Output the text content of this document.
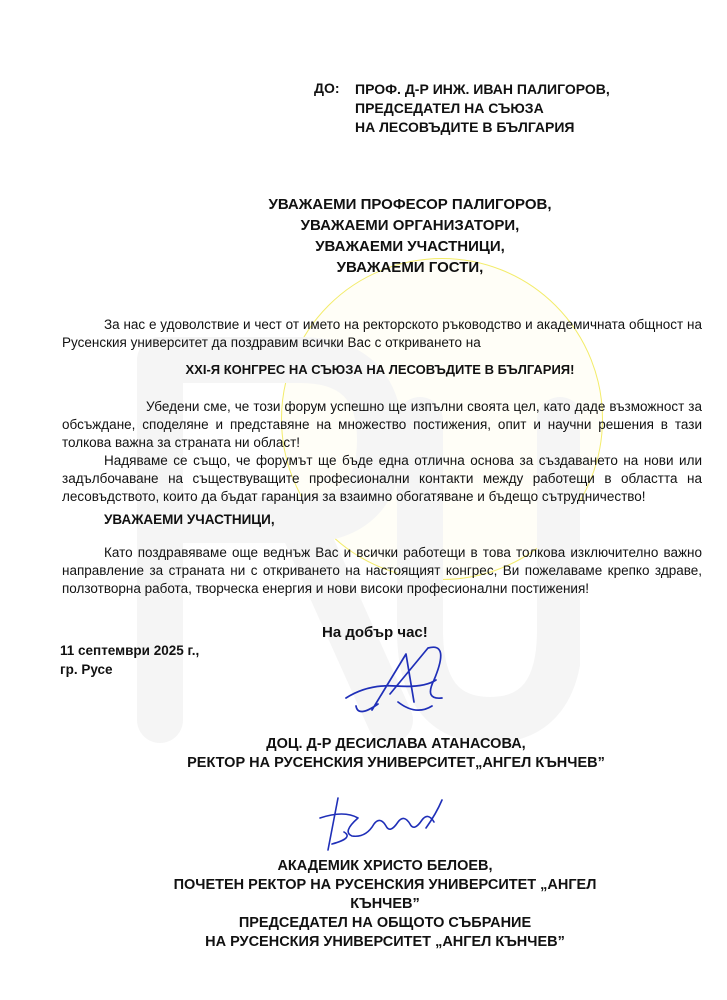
ДО: ПРОФ. Д-Р ИНЖ. ИВАН ПАЛИГОРОВ,
ПРЕДСЕДАТЕЛ НА СЪЮЗА
НА ЛЕСОВЪДИТЕ В БЪЛГАРИЯ
УВАЖАЕМИ ПРОФЕСОР ПАЛИГОРОВ,
УВАЖАЕМИ ОРГАНИЗАТОРИ,
УВАЖАЕМИ УЧАСТНИЦИ,
УВАЖАЕМИ ГОСТИ,
За нас е удоволствие и чест от името на ректорското ръководство и академичната общност на Русенския университет да поздравим всички Вас с откриването на
XXI-Я КОНГРЕС НА СЪЮЗА НА ЛЕСОВЪДИТЕ В БЪЛГАРИЯ!
Убедени сме, че този форум успешно ще изпълни своята цел, като даде възможност за обсъждане, споделяне и представяне на множество постижения, опит и научни решения в тази толкова важна за страната ни област!
Надяваме се също, че форумът ще бъде една отлична основа за създаването на нови или задълбочаване на съществуващите професионални контакти между работещи в областта на лесовъдството, които да бъдат гаранция за взаимно обогатяване и бъдещо сътрудничество!
УВАЖАЕМИ УЧАСТНИЦИ,
Като поздравяваме още веднъж Вас и всички работещи в това толкова изключително важно направление за страната ни с откриването на настоящият конгрес, Ви пожелаваме крепко здраве, ползотворна работа, творческа енергия и нови високи професионални постижения!
На добър час!
11 септември 2025 г.,
гр. Русе
ДОЦ. Д-Р ДЕСИСЛАВА АТАНАСОВА,
РЕКТОР НА РУСЕНСКИЯ УНИВЕРСИТЕТ„АНГЕЛ КЪНЧЕВ”
АКАДЕМИК ХРИСТО БЕЛОЕВ,
ПОЧЕТЕН РЕКТОР НА РУСЕНСКИЯ УНИВЕРСИТЕТ „АНГЕЛ КЪНЧЕВ”
ПРЕДСЕДАТЕЛ НА ОБЩОТО СЪБРАНИЕ
НА РУСЕНСКИЯ УНИВЕРСИТЕТ „АНГЕЛ КЪНЧЕВ”
